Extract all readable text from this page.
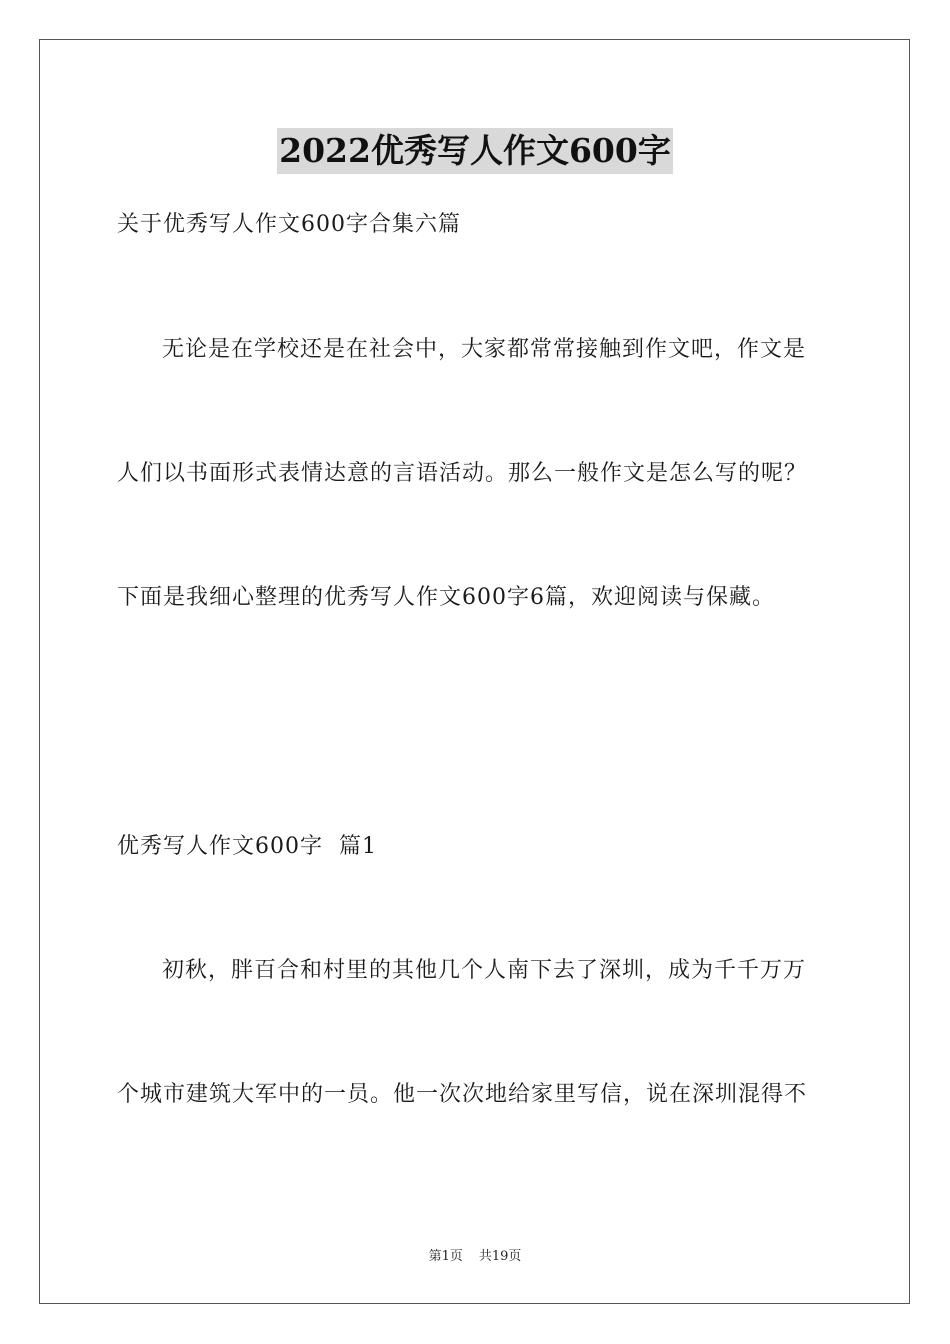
2022优秀写人作文600字
关于优秀写人作文600字合集六篇
无论是在学校还是在社会中，大家都常常接触到作文吧，作文是
人们以书面形式表情达意的言语活动。那么一般作文是怎么写的呢？
下面是我细心整理的优秀写人作文600字6篇，欢迎阅读与保藏。
优秀写人作文600字  篇1
初秋，胖百合和村里的其他几个人南下去了深圳，成为千千万万
个城市建筑大军中的一员。他一次次地给家里写信，说在深圳混得不
第1页 共19页
